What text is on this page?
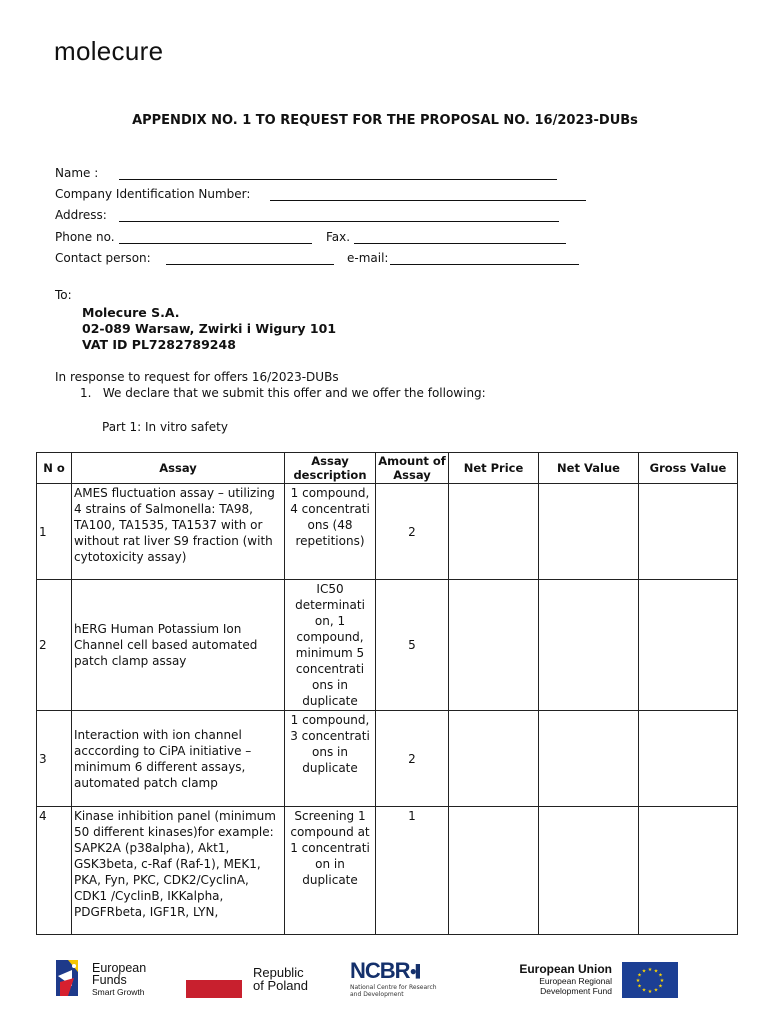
molecure
APPENDIX NO. 1 TO REQUEST FOR THE PROPOSAL NO. 16/2023-DUBs
Name :
Company Identification Number:
Address:
Phone no.	Fax.
Contact person:	e-mail:
To:
Molecure S.A.
02-089 Warsaw, Zwirki i Wigury 101
VAT ID PL7282789248
In response to request for offers 16/2023-DUBs
1.   We declare that we submit this offer and we offer the following:
Part 1: In vitro safety
N o	Assay	Assay description	Amount of Assay	Net Price	Net Value	Gross Value
1	AMES fluctuation assay – utilizing 4 strains of Salmonella: TA98, TA100, TA1535, TA1537 with or without rat liver S9 fraction (with cytotoxicity assay)	1 compound, 4 concentrati ons (48 repetitions)	2			
2	hERG Human Potassium Ion Channel cell based automated patch clamp assay	IC50 determinati on, 1 compound, minimum 5 concentrati ons in duplicate	5			
3	Interaction with ion channel acccording to CiPA initiative – minimum 6 different assays, automated patch clamp	1 compound, 3 concentrati ons in duplicate	2			
4	Kinase inhibition panel (minimum 50 different kinases)for example: SAPK2A (p38alpha), Akt1, GSK3beta, c-Raf (Raf-1), MEK1, PKA, Fyn, PKC, CDK2/CyclinA, CDK1 /CyclinB, IKKalpha, PDGFRbeta, IGF1R, LYN,	Screening 1 compound at 1 concentrati on in duplicate	1			
European
Funds
Smart Growth
Republic
of Poland
NCBR●▌
National Centre for Research
and Development
European Union
European Regional
Development Fund
★ ★
★
★
★
★
★
★
★
★
★
★
